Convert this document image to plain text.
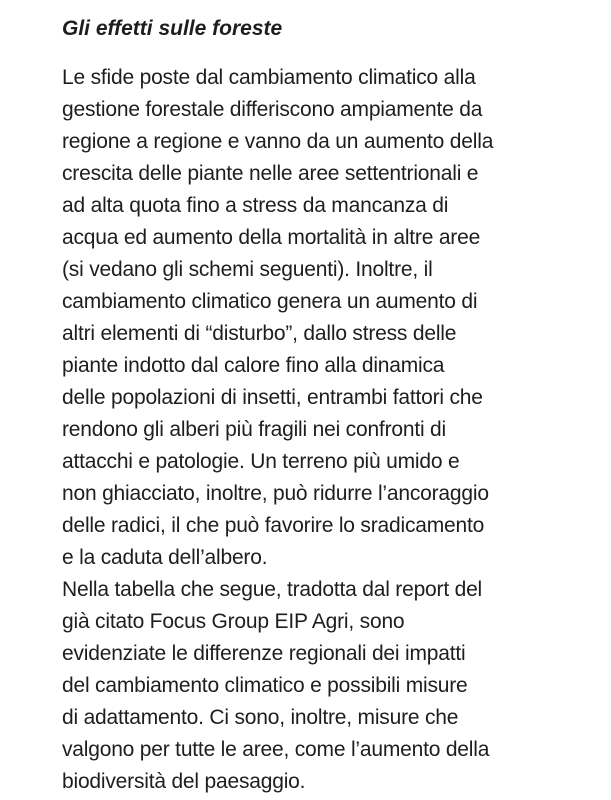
Gli effetti sulle foreste

Le sfide poste dal cambiamento climatico alla
gestione forestale differiscono ampiamente da
regione a regione e vanno da un aumento della
crescita delle piante nelle aree settentrionali e
ad alta quota fino a stress da mancanza di
acqua ed aumento della mortalità in altre aree
(si vedano gli schemi seguenti). Inoltre, il
cambiamento climatico genera un aumento di
altri elementi di “disturbo”, dallo stress delle
piante indotto dal calore fino alla dinamica
delle popolazioni di insetti, entrambi fattori che
rendono gli alberi più fragili nei confronti di
attacchi e patologie. Un terreno più umido e
non ghiacciato, inoltre, può ridurre l’ancoraggio
delle radici, il che può favorire lo sradicamento
e la caduta dell’albero.

Nella tabella che segue, tradotta dal report del
già citato Focus Group EIP Agri, sono
evidenziate le differenze regionali dei impatti
del cambiamento climatico e possibili misure
di adattamento. Ci sono, inoltre, misure che
valgono per tutte le aree, come l’aumento della
biodiversità del paesaggio.
